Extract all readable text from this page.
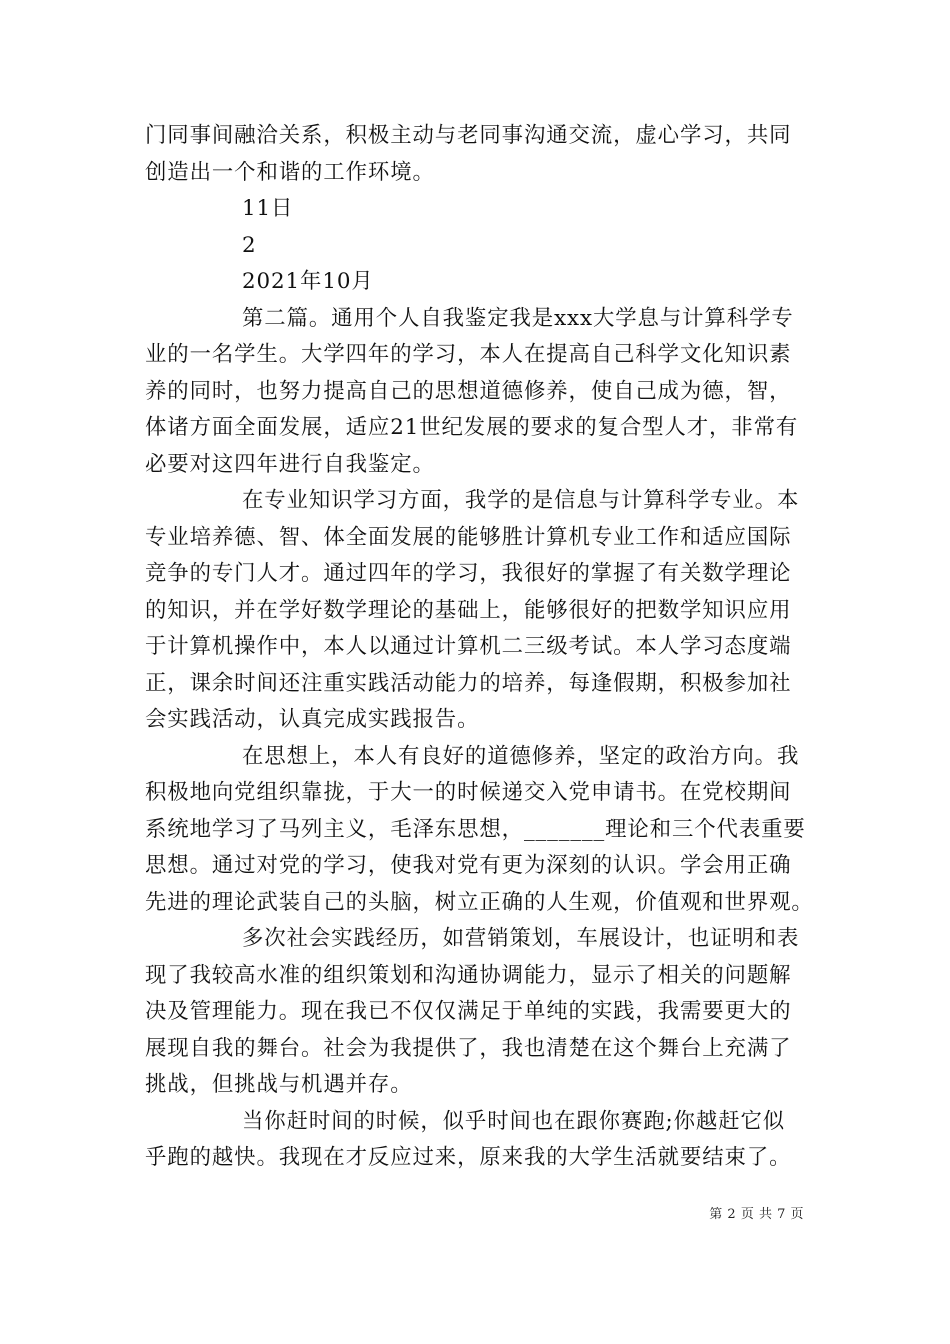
门同事间融洽关系，积极主动与老同事沟通交流，虚心学习，共同
创造出一个和谐的工作环境。
11日
2
2021年10月
第二篇。通用个人自我鉴定我是xxx大学息与计算科学专
业的一名学生。大学四年的学习，本人在提高自己科学文化知识素
养的同时，也努力提高自己的思想道德修养，使自己成为德，智，
体诸方面全面发展，适应21世纪发展的要求的复合型人才，非常有
必要对这四年进行自我鉴定。
在专业知识学习方面，我学的是信息与计算科学专业。本
专业培养德、智、体全面发展的能够胜计算机专业工作和适应国际
竞争的专门人才。通过四年的学习，我很好的掌握了有关数学理论
的知识，并在学好数学理论的基础上，能够很好的把数学知识应用
于计算机操作中，本人以通过计算机二三级考试。本人学习态度端
正，课余时间还注重实践活动能力的培养，每逢假期，积极参加社
会实践活动，认真完成实践报告。
在思想上，本人有良好的道德修养，坚定的政治方向。我
积极地向党组织靠拢，于大一的时候递交入党申请书。在党校期间
系统地学习了马列主义，毛泽东思想，_______理论和三个代表重要
思想。通过对党的学习，使我对党有更为深刻的认识。学会用正确
先进的理论武装自己的头脑，树立正确的人生观，价值观和世界观。
多次社会实践经历，如营销策划，车展设计，也证明和表
现了我较高水准的组织策划和沟通协调能力，显示了相关的问题解
决及管理能力。现在我已不仅仅满足于单纯的实践，我需要更大的
展现自我的舞台。社会为我提供了，我也清楚在这个舞台上充满了
挑战，但挑战与机遇并存。
当你赶时间的时候，似乎时间也在跟你赛跑;你越赶它似
乎跑的越快。我现在才反应过来，原来我的大学生活就要结束了。
第 2 页 共 7 页
